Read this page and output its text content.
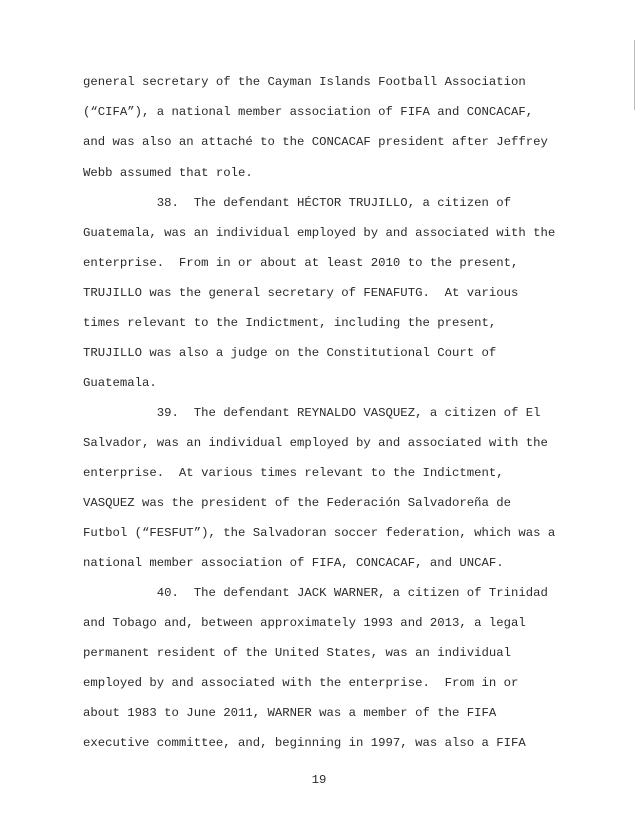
general secretary of the Cayman Islands Football Association

(“CIFA”), a national member association of FIFA and CONCACAF,

and was also an attaché to the CONCACAF president after Jeffrey

Webb assumed that role.

38.  The defendant HÉCTOR TRUJILLO, a citizen of

Guatemala, was an individual employed by and associated with the

enterprise.  From in or about at least 2010 to the present,

TRUJILLO was the general secretary of FENAFUTG.  At various

times relevant to the Indictment, including the present,

TRUJILLO was also a judge on the Constitutional Court of

Guatemala.

39.  The defendant REYNALDO VASQUEZ, a citizen of El

Salvador, was an individual employed by and associated with the

enterprise.  At various times relevant to the Indictment,

VASQUEZ was the president of the Federación Salvadoreña de

Futbol (“FESFUT”), the Salvadoran soccer federation, which was a

national member association of FIFA, CONCACAF, and UNCAF.

40.  The defendant JACK WARNER, a citizen of Trinidad

and Tobago and, between approximately 1993 and 2013, a legal

permanent resident of the United States, was an individual

employed by and associated with the enterprise.  From in or

about 1983 to June 2011, WARNER was a member of the FIFA

executive committee, and, beginning in 1997, was also a FIFA

19
